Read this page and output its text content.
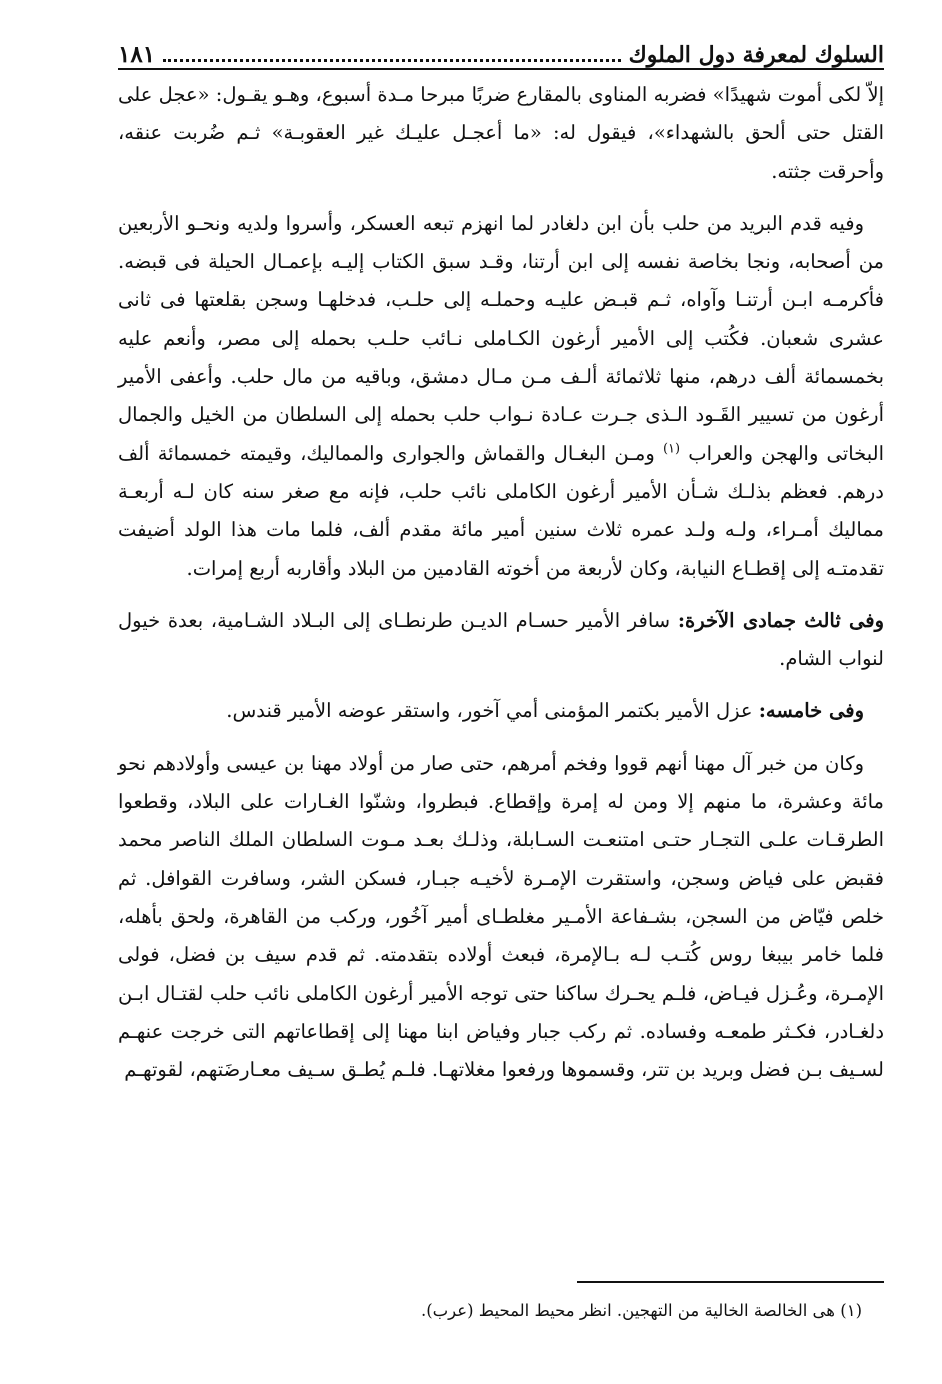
السلوك لمعرفة دول الملوك
١٨١

إلاّ لكى أموت شهيدًا» فضربه المناوى بالمقارع ضربًا مبرحا مـدة أسبوع، وهـو يقـول: «عجل على القتل حتى ألحق بالشهداء»، فيقول له: «ما أعجـل عليـك غير العقوبـة» ثـم ضُربت عنقه، وأحرقت جثته.

وفيه قدم البريد من حلب بأن ابن دلغادر لما انهزم تبعه العسكر، وأسروا ولديه ونحـو الأربعين من أصحابه، ونجا بخاصة نفسه إلى ابن أرتنا، وقـد سبق الكتاب إليـه بإعمـال الحيلة فى قبضه. فأكرمـه ابـن أرتنـا وآواه، ثـم قبـض عليـه وحملـه إلى حلـب، فدخلهـا وسجن بقلعتها فى ثانى عشرى شعبان. فكُتب إلى الأمير أرغون الكـاملى نـائب حلـب بحمله إلى مصر، وأنعم عليه بخمسمائة ألف درهم، منها ثلاثمائة ألـف مـن مـال دمشق، وباقيه من مال حلب. وأعفى الأمير أرغون من تسيير القَـود الـذى جـرت عـادة نـواب حلب بحمله إلى السلطان من الخيل والجمال البخاتى والهجن والعراب $^{(١)}$ ومـن البغـال والقماش والجوارى والمماليك، وقيمته خمسمائة ألف درهم. فعظم بذلـك شـأن الأمير أرغون الكاملى نائب حلب، فإنه مع صغر سنه كان لـه أربعـة مماليك أمـراء، ولـه ولـد عمره ثلاث سنين أمير مائة مقدم ألف، فلما مات هذا الولد أضيفت تقدمتـه إلى إقطـاع النيابة، وكان لأربعة من أخوته القادمين من البلاد وأقاربه أربع إمرات.

وفى ثالث جمادى الآخرة: سافر الأمير حسـام الديـن طرنطـاى إلى البـلاد الشـامية، بعدة خيول لنواب الشام.

وفى خامسه: عزل الأمير بكتمر المؤمنى أمي آخور، واستقر عوضه الأمير قندس.

وكان من خبر آل مهنا أنهم قووا وفخم أمرهم، حتى صار من أولاد مهنا بن عيسى وأولادهم نحو مائة وعشرة، ما منهم إلا ومن له إمرة وإقطاع. فبطروا، وشنّوا الغـارات على البلاد، وقطعوا الطرقـات علـى التجـار حتـى امتنعـت السـابلة، وذلـك بعـد مـوت السلطان الملك الناصر محمد فقبض على فياض وسجن، واستقرت الإمـرة لأخيـه جبـار، فسكن الشر، وسافرت القوافل. ثم خلص فيّاض من السجن، بشـفاعة الأمـير مغلطـاى أمير آخُور، وركب من القاهرة، ولحق بأهله، فلما خامر بيبغا روس كُتـب لـه بـالإمرة، فبعث أولاده بتقدمته. ثم قدم سيف بن فضل، فولى الإمـرة، وعُـزل فيـاض، فلـم يحـرك ساكنا حتى توجه الأمير أرغون الكاملى نائب حلب لقتـال ابـن دلغـادر، فكـثر طمعـه وفساده. ثم ركب جبار وفياض ابنا مهنا إلى إقطاعاتهم التى خرجت عنهـم لسـيف بـن فضل وبريد بن تتر، وقسموها ورفعوا مغلاتهـا. فلـم يُطـق سـيف معـارضَتهم، لقوتهـم

(١) هى الخالصة الخالية من التهجين. انظر محيط المحيط (عرب).
